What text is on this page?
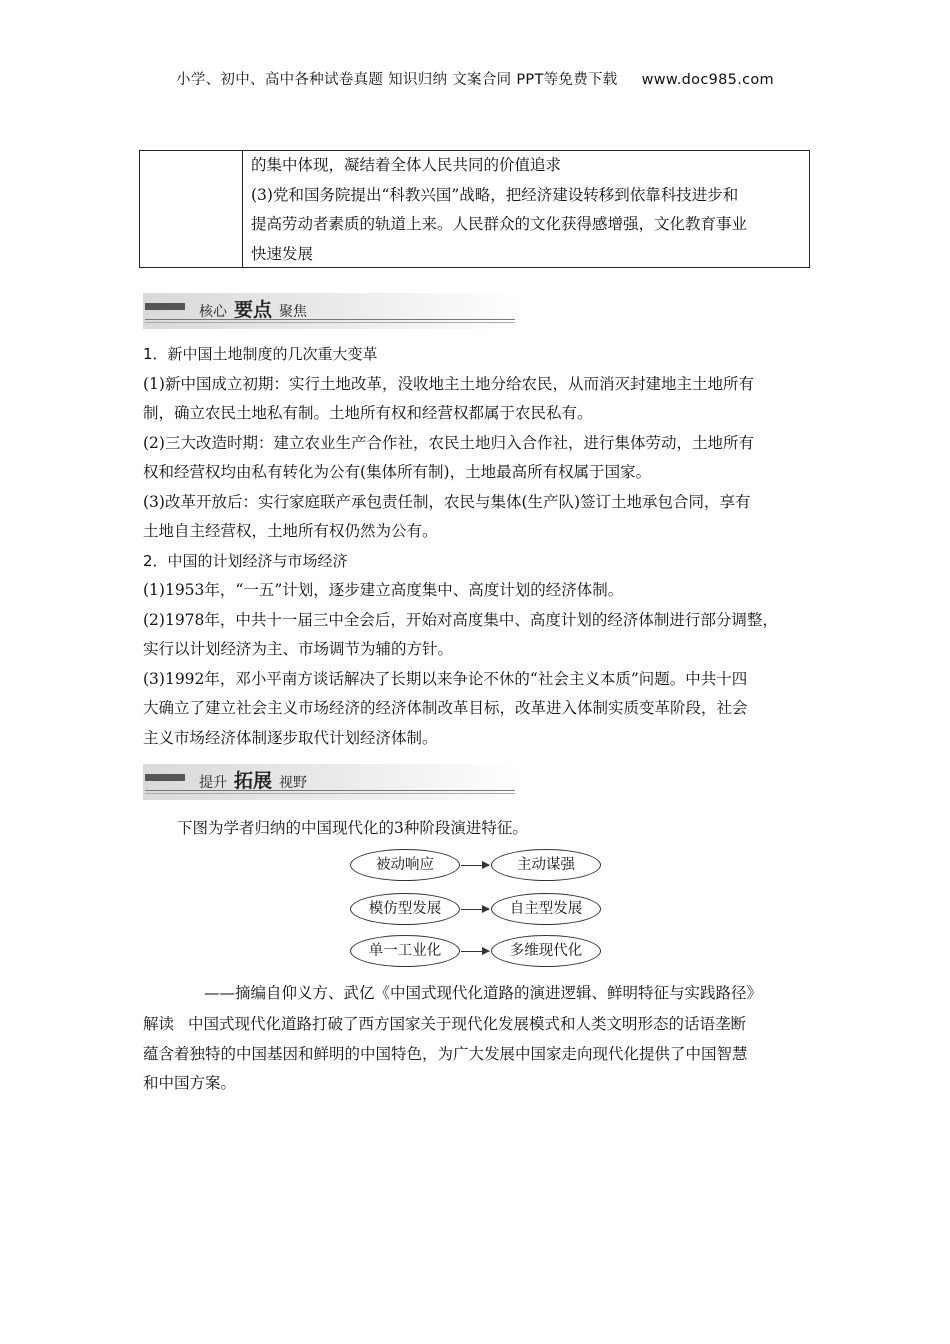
小学、初中、高中各种试卷真题 知识归纳 文案合同 PPT等免费下载 www.doc985.com
的集中体现，凝结着全体人民共同的价值追求
(3)党和国务院提出“科教兴国”战略，把经济建设转移到依靠科技进步和
提高劳动者素质的轨道上来。人民群众的文化获得感增强，文化教育事业
快速发展
核心 要点 聚焦

1．新中国土地制度的几次重大变革

(1)新中国成立初期：实行土地改革，没收地主土地分给农民，从而消灭封建地主土地所有
制，确立农民土地私有制。土地所有权和经营权都属于农民私有。

(2)三大改造时期：建立农业生产合作社，农民土地归入合作社，进行集体劳动，土地所有
权和经营权均由私有转化为公有(集体所有制)，土地最高所有权属于国家。

(3)改革开放后：实行家庭联产承包责任制，农民与集体(生产队)签订土地承包合同，享有
土地自主经营权，土地所有权仍然为公有。

2．中国的计划经济与市场经济

(1)1953年，“一五”计划，逐步建立高度集中、高度计划的经济体制。

(2)1978年，中共十一届三中全会后，开始对高度集中、高度计划的经济体制进行部分调整，
实行以计划经济为主、市场调节为辅的方针。

(3)1992年，邓小平南方谈话解决了长期以来争论不休的“社会主义本质”问题。中共十四
大确立了建立社会主义市场经济的经济体制改革目标，改革进入体制实质变革阶段，社会
主义市场经济体制逐步取代计划经济体制。

提升 拓展 视野
下图为学者归纳的中国现代化的3种阶段演进特征。
被动响应	主动谋强
模仿型发展	自主型发展
单一工业化	多维现代化
——摘编自仰义方、武亿《中国式现代化道路的演进逻辑、鲜明特征与实践路径》
解读 中国式现代化道路打破了西方国家关于现代化发展模式和人类文明形态的话语垄断
蕴含着独特的中国基因和鲜明的中国特色，为广大发展中国家走向现代化提供了中国智慧
和中国方案。
